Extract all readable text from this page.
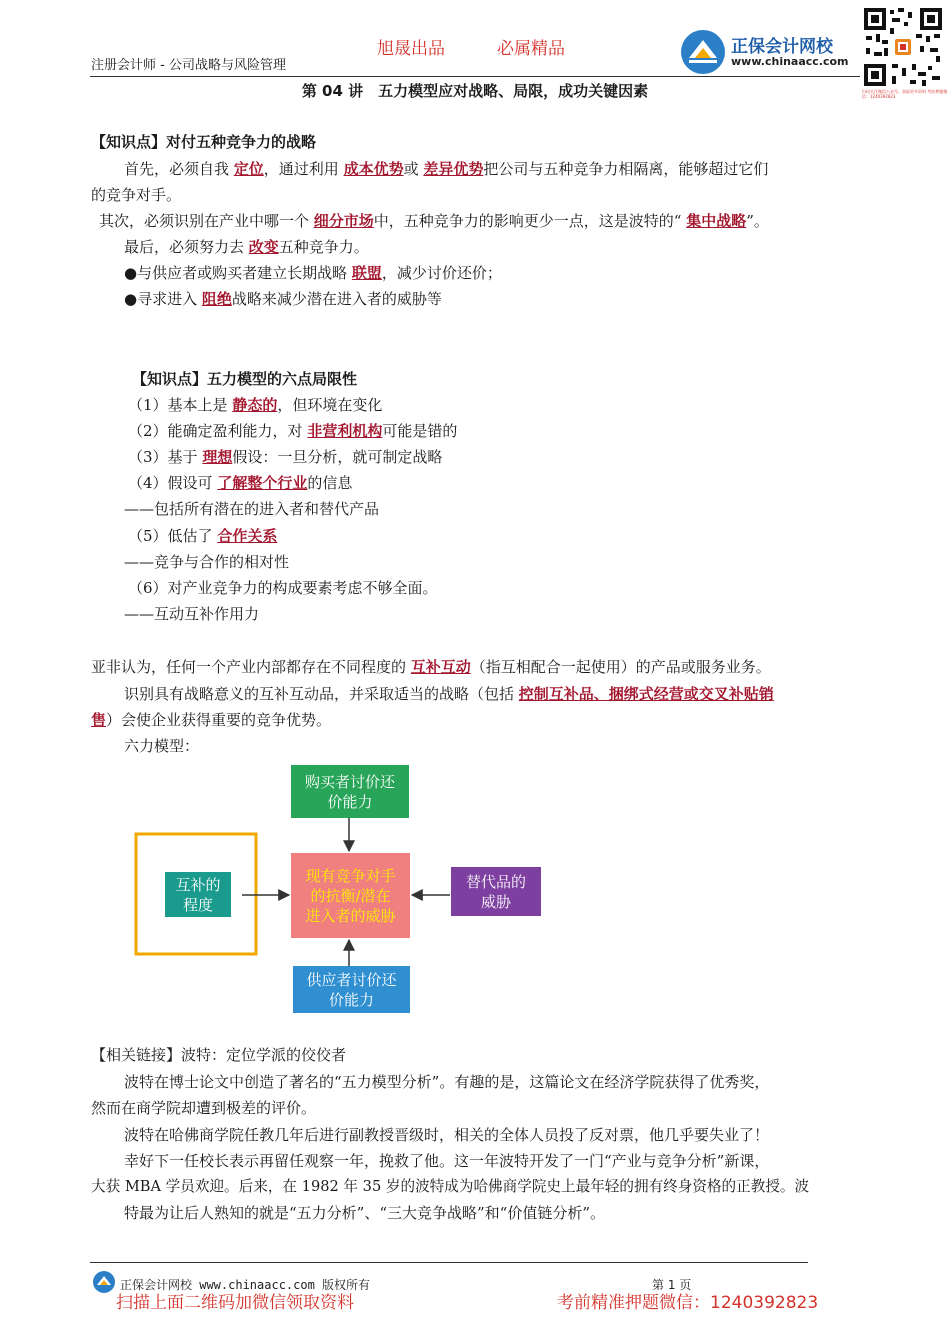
旭晟出品	必属精品
注册会计师 - 公司战略与风险管理
正保会计网校
www.chinaacc.com
扫码关注微信公众号，获取更多资料 考前押题微信：1240392823
第 04 讲　五力模型应对战略、局限，成功关键因素
【知识点】对付五种竞争力的战略
首先，必须自我 定位，通过利用 成本优势或 差异优势把公司与五种竞争力相隔离，能够超过它们
的竞争对手。
其次，必须识别在产业中哪一个 细分市场中，五种竞争力的影响更少一点，这是波特的“ 集中战略”。
最后，必须努力去 改变五种竞争力。
●与供应者或购买者建立长期战略 联盟，减少讨价还价；
●寻求进入 阻绝战略来减少潜在进入者的威胁等
【知识点】五力模型的六点局限性
（1）基本上是 静态的，但环境在变化
（2）能确定盈利能力，对 非营利机构可能是错的
（3）基于 理想假设：一旦分析，就可制定战略
（4）假设可 了解整个行业的信息
——包括所有潜在的进入者和替代产品
（5）低估了 合作关系
——竞争与合作的相对性
（6）对产业竞争力的构成要素考虑不够全面。
——互动互补作用力
亚非认为，任何一个产业内部都存在不同程度的 互补互动（指互相配合一起使用）的产品或服务业务。
识别具有战略意义的互补互动品，并采取适当的战略（包括 控制互补品、捆绑式经营或交叉补贴销
售）会使企业获得重要的竞争优势。
六力模型：
购买者讨价还
价能力
互补的
程度
现有竞争对手
的抗衡/潜在
进入者的威胁
替代品的
威胁
供应者讨价还
价能力
【相关链接】波特：定位学派的佼佼者
波特在博士论文中创造了著名的“五力模型分析”。有趣的是，这篇论文在经济学院获得了优秀奖，
然而在商学院却遭到极差的评价。
波特在哈佛商学院任教几年后进行副教授晋级时，相关的全体人员投了反对票，他几乎要失业了！
幸好下一任校长表示再留任观察一年，挽救了他。这一年波特开发了一门“产业与竞争分析”新课，
大获 MBA 学员欢迎。后来，在 1982 年 35 岁的波特成为哈佛商学院史上最年轻的拥有终身资格的正教授。波
特最为让后人熟知的就是“五力分析”、“三大竞争战略”和“价值链分析”。
正保会计网校 www.chinaacc.com 版权所有	第 1 页
扫描上面二维码加微信领取资料	考前精准押题微信：1240392823
